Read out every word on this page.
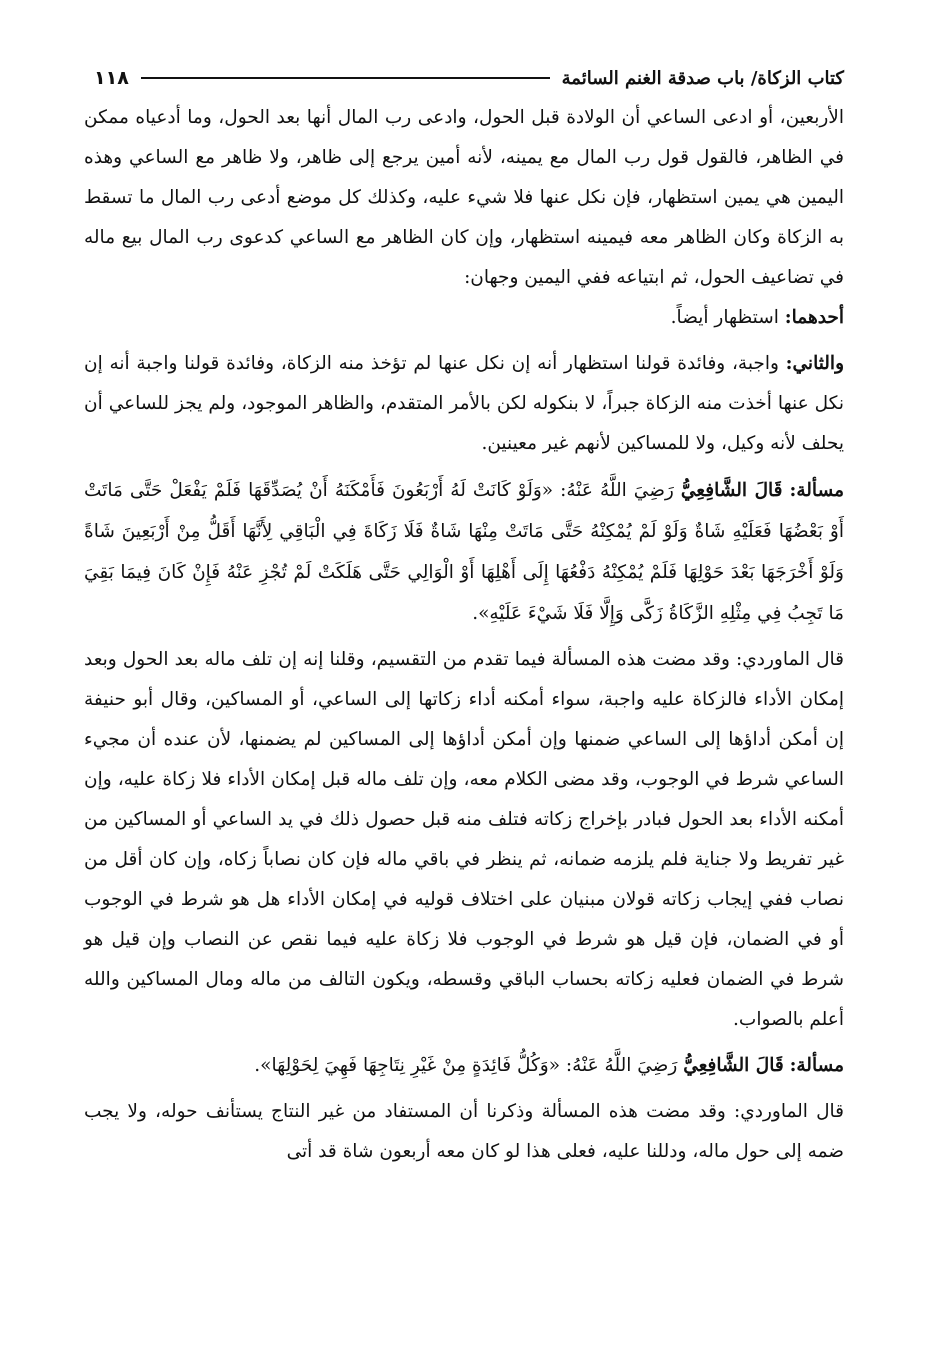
كتاب الزكاة/ باب صدقة الغنم السائمة
١١٨

الأربعين، أو ادعى الساعي أن الولادة قبل الحول، وادعى رب المال أنها بعد الحول، وما أدعياه ممكن في الظاهر، فالقول قول رب المال مع يمينه، لأنه أمين يرجع إلى ظاهر، ولا ظاهر مع الساعي وهذه اليمين هي يمين استظهار، فإن نكل عنها فلا شيء عليه، وكذلك كل موضع أدعى رب المال ما تسقط به الزكاة وكان الظاهر معه فيمينه استظهار، وإن كان الظاهر مع الساعي كدعوى رب المال بيع ماله في تضاعيف الحول، ثم ابتياعه ففي اليمين وجهان:

أحدهما: استظهار أيضاً.

والثاني: واجبة، وفائدة قولنا استظهار أنه إن نكل عنها لم تؤخذ منه الزكاة، وفائدة قولنا واجبة أنه إن نكل عنها أخذت منه الزكاة جبراً، لا بنكوله لكن بالأمر المتقدم، والظاهر الموجود، ولم يجز للساعي أن يحلف لأنه وكيل، ولا للمساكين لأنهم غير معينين.

مسألة: قَالَ الشَّافِعِيُّ رَضِيَ اللَّهُ عَنْهُ: «وَلَوْ كَانَتْ لَهُ أَرْبَعُونَ فَأَمْكَنَهُ أَنْ يُصَدِّقَهَا فَلَمْ يَفْعَلْ حَتَّى مَاتَتْ أَوْ بَعْضُهَا فَعَلَيْهِ شَاةٌ وَلَوْ لَمْ يُمْكِنْهُ حَتَّى مَاتَتْ مِنْهَا شَاةٌ فَلَا زَكَاةَ فِي الْبَاقِي لِأَنَّهَا أَقَلُّ مِنْ أَرْبَعِينَ شَاةً وَلَوْ أَخْرَجَهَا بَعْدَ حَوْلِهَا فَلَمْ يُمْكِنْهُ دَفْعُهَا إِلَى أَهْلِهَا أَوْ الْوَالِي حَتَّى هَلَكَتْ لَمْ تُجْزِ عَنْهُ فَإِنْ كَانَ فِيمَا بَقِيَ مَا تَجِبُ فِي مِثْلِهِ الزَّكَاةُ زَكَّى وَإِلَّا فَلَا شَيْءَ عَلَيْهِ».

قال الماوردي: وقد مضت هذه المسألة فيما تقدم من التقسيم، وقلنا إنه إن تلف ماله بعد الحول وبعد إمكان الأداء فالزكاة عليه واجبة، سواء أمكنه أداء زكاتها إلى الساعي، أو المساكين، وقال أبو حنيفة إن أمكن أداؤها إلى الساعي ضمنها وإن أمكن أداؤها إلى المساكين لم يضمنها، لأن عنده أن مجيء الساعي شرط في الوجوب، وقد مضى الكلام معه، وإن تلف ماله قبل إمكان الأداء فلا زكاة عليه، وإن أمكنه الأداء بعد الحول فبادر بإخراج زكاته فتلف منه قبل حصول ذلك في يد الساعي أو المساكين من غير تفريط ولا جناية فلم يلزمه ضمانه، ثم ينظر في باقي ماله فإن كان نصاباً زكاه، وإن كان أقل من نصاب ففي إيجاب زكاته قولان مبنيان على اختلاف قوليه في إمكان الأداء هل هو شرط في الوجوب أو في الضمان، فإن قيل هو شرط في الوجوب فلا زكاة عليه فيما نقص عن النصاب وإن قيل هو شرط في الضمان فعليه زكاته بحساب الباقي وقسطه، ويكون التالف من ماله ومال المساكين والله أعلم بالصواب.

مسألة: قَالَ الشَّافِعِيُّ رَضِيَ اللَّهُ عَنْهُ: «وَكُلُّ فَائِدَةٍ مِنْ غَيْرِ نِتَاجِهَا فَهِيَ لِحَوْلِهَا».

قال الماوردي: وقد مضت هذه المسألة وذكرنا أن المستفاد من غير النتاج يستأنف حوله، ولا يجب ضمه إلى حول ماله، ودللنا عليه، فعلى هذا لو كان معه أربعون شاة قد أتى
